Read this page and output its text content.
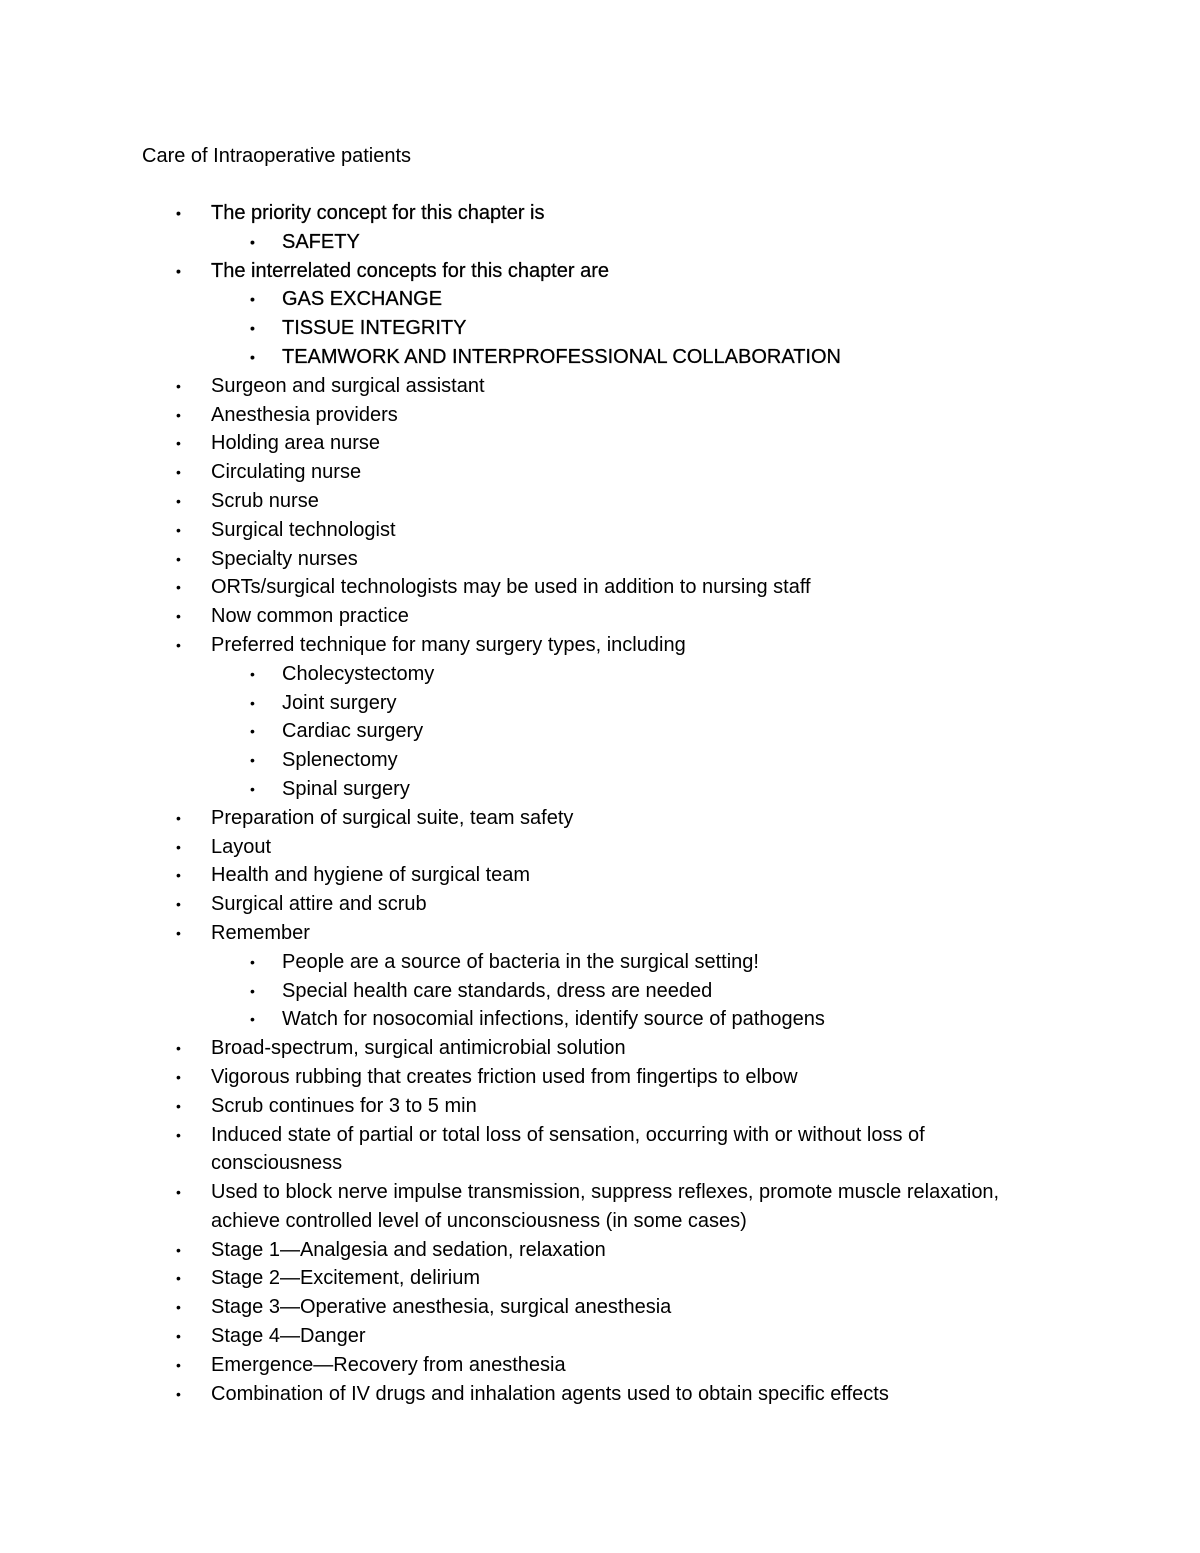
Care of Intraoperative patients
• The priority concept for this chapter is
• SAFETY
• The interrelated concepts for this chapter are
• GAS EXCHANGE
• TISSUE INTEGRITY
• TEAMWORK AND INTERPROFESSIONAL COLLABORATION
• Surgeon and surgical assistant
• Anesthesia providers
• Holding area nurse
• Circulating nurse
• Scrub nurse
• Surgical technologist
• Specialty nurses
• ORTs/surgical technologists may be used in addition to nursing staff
• Now common practice
• Preferred technique for many surgery types, including
• Cholecystectomy
• Joint surgery
• Cardiac surgery
• Splenectomy
• Spinal surgery
• Preparation of surgical suite, team safety
• Layout
• Health and hygiene of surgical team
• Surgical attire and scrub
• Remember
• People are a source of bacteria in the surgical setting!
• Special health care standards, dress are needed
• Watch for nosocomial infections, identify source of pathogens
• Broad-spectrum, surgical antimicrobial solution
• Vigorous rubbing that creates friction used from fingertips to elbow
• Scrub continues for 3 to 5 min
• Induced state of partial or total loss of sensation, occurring with or without loss of consciousness
• Used to block nerve impulse transmission, suppress reflexes, promote muscle relaxation, achieve controlled level of unconsciousness (in some cases)
• Stage 1—Analgesia and sedation, relaxation
• Stage 2—Excitement, delirium
• Stage 3—Operative anesthesia, surgical anesthesia
• Stage 4—Danger
• Emergence—Recovery from anesthesia
• Combination of IV drugs and inhalation agents used to obtain specific effects
